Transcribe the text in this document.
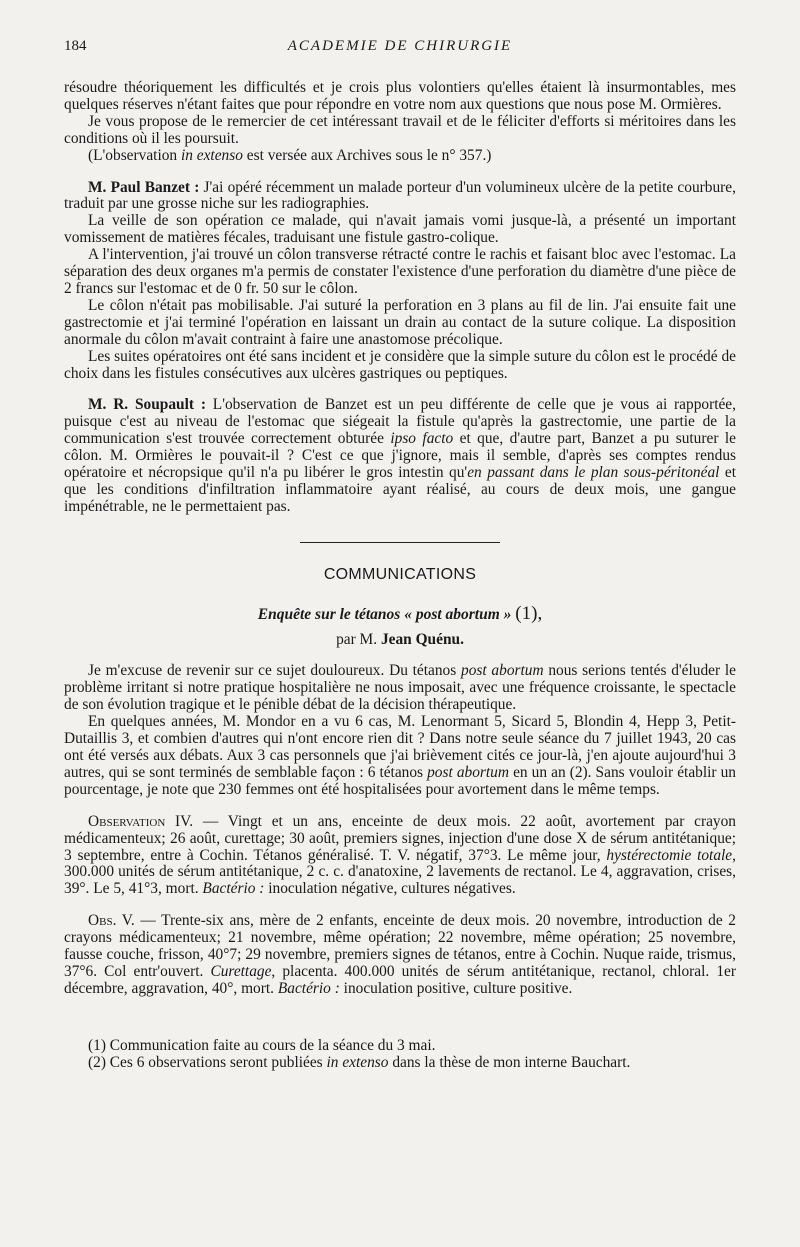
184	ACADEMIE DE CHIRURGIE

résoudre théoriquement les difficultés et je crois plus volontiers qu'elles étaient là insurmontables, mes quelques réserves n'étant faites que pour répondre en votre nom aux questions que nous pose M. Ormières.

Je vous propose de le remercier de cet intéressant travail et de le féliciter d'efforts si méritoires dans les conditions où il les poursuit.

(L'observation in extenso est versée aux Archives sous le n° 357.)

M. Paul Banzet : J'ai opéré récemment un malade porteur d'un volumineux ulcère de la petite courbure, traduit par une grosse niche sur les radiographies.

La veille de son opération ce malade, qui n'avait jamais vomi jusque-là, a présenté un important vomissement de matières fécales, traduisant une fistule gastro-colique.

A l'intervention, j'ai trouvé un côlon transverse rétracté contre le rachis et faisant bloc avec l'estomac. La séparation des deux organes m'a permis de constater l'existence d'une perforation du diamètre d'une pièce de 2 francs sur l'estomac et de 0 fr. 50 sur le côlon.

Le côlon n'était pas mobilisable. J'ai suturé la perforation en 3 plans au fil de lin. J'ai ensuite fait une gastrectomie et j'ai terminé l'opération en laissant un drain au contact de la suture colique. La disposition anormale du côlon m'avait contraint à faire une anastomose précolique.

Les suites opératoires ont été sans incident et je considère que la simple suture du côlon est le procédé de choix dans les fistules consécutives aux ulcères gastriques ou peptiques.

M. R. Soupault : L'observation de Banzet est un peu différente de celle que je vous ai rapportée, puisque c'est au niveau de l'estomac que siégeait la fistule qu'après la gastrectomie, une partie de la communication s'est trouvée correctement obturée ipso facto et que, d'autre part, Banzet a pu suturer le côlon. M. Ormières le pouvait-il ? C'est ce que j'ignore, mais il semble, d'après ses comptes rendus opératoire et nécropsique qu'il n'a pu libérer le gros intestin qu'en passant dans le plan sous-péritonéal et que les conditions d'infiltration inflammatoire ayant réalisé, au cours de deux mois, une gangue impénétrable, ne le permettaient pas.

COMMUNICATIONS
Enquête sur le tétanos « post abortum » (1),
par M. Jean Quénu.

Je m'excuse de revenir sur ce sujet douloureux. Du tétanos post abortum nous serions tentés d'éluder le problème irritant si notre pratique hospitalière ne nous imposait, avec une fréquence croissante, le spectacle de son évolution tragique et le pénible débat de la décision thérapeutique.

En quelques années, M. Mondor en a vu 6 cas, M. Lenormant 5, Sicard 5, Blondin 4, Hepp 3, Petit-Dutaillis 3, et combien d'autres qui n'ont encore rien dit ? Dans notre seule séance du 7 juillet 1943, 20 cas ont été versés aux débats. Aux 3 cas personnels que j'ai brièvement cités ce jour-là, j'en ajoute aujourd'hui 3 autres, qui se sont terminés de semblable façon : 6 tétanos post abortum en un an (2). Sans vouloir établir un pourcentage, je note que 230 femmes ont été hospitalisées pour avortement dans le même temps.

Observation IV. — Vingt et un ans, enceinte de deux mois. 22 août, avortement par crayon médicamenteux; 26 août, curettage; 30 août, premiers signes, injection d'une dose X de sérum antitétanique; 3 septembre, entre à Cochin. Tétanos généralisé. T. V. négatif, 37°3. Le même jour, hystérectomie totale, 300.000 unités de sérum antitétanique, 2 c. c. d'anatoxine, 2 lavements de rectanol. Le 4, aggravation, crises, 39°. Le 5, 41°3, mort. Bactério : inoculation négative, cultures négatives.

Obs. V. — Trente-six ans, mère de 2 enfants, enceinte de deux mois. 20 novembre, introduction de 2 crayons médicamenteux; 21 novembre, même opération; 22 novembre, même opération; 25 novembre, fausse couche, frisson, 40°7; 29 novembre, premiers signes de tétanos, entre à Cochin. Nuque raide, trismus, 37°6. Col entr'ouvert. Curettage, placenta. 400.000 unités de sérum antitétanique, rectanol, chloral. 1er décembre, aggravation, 40°, mort. Bactério : inoculation positive, culture positive.

(1) Communication faite au cours de la séance du 3 mai.

(2) Ces 6 observations seront publiées in extenso dans la thèse de mon interne Bauchart.
